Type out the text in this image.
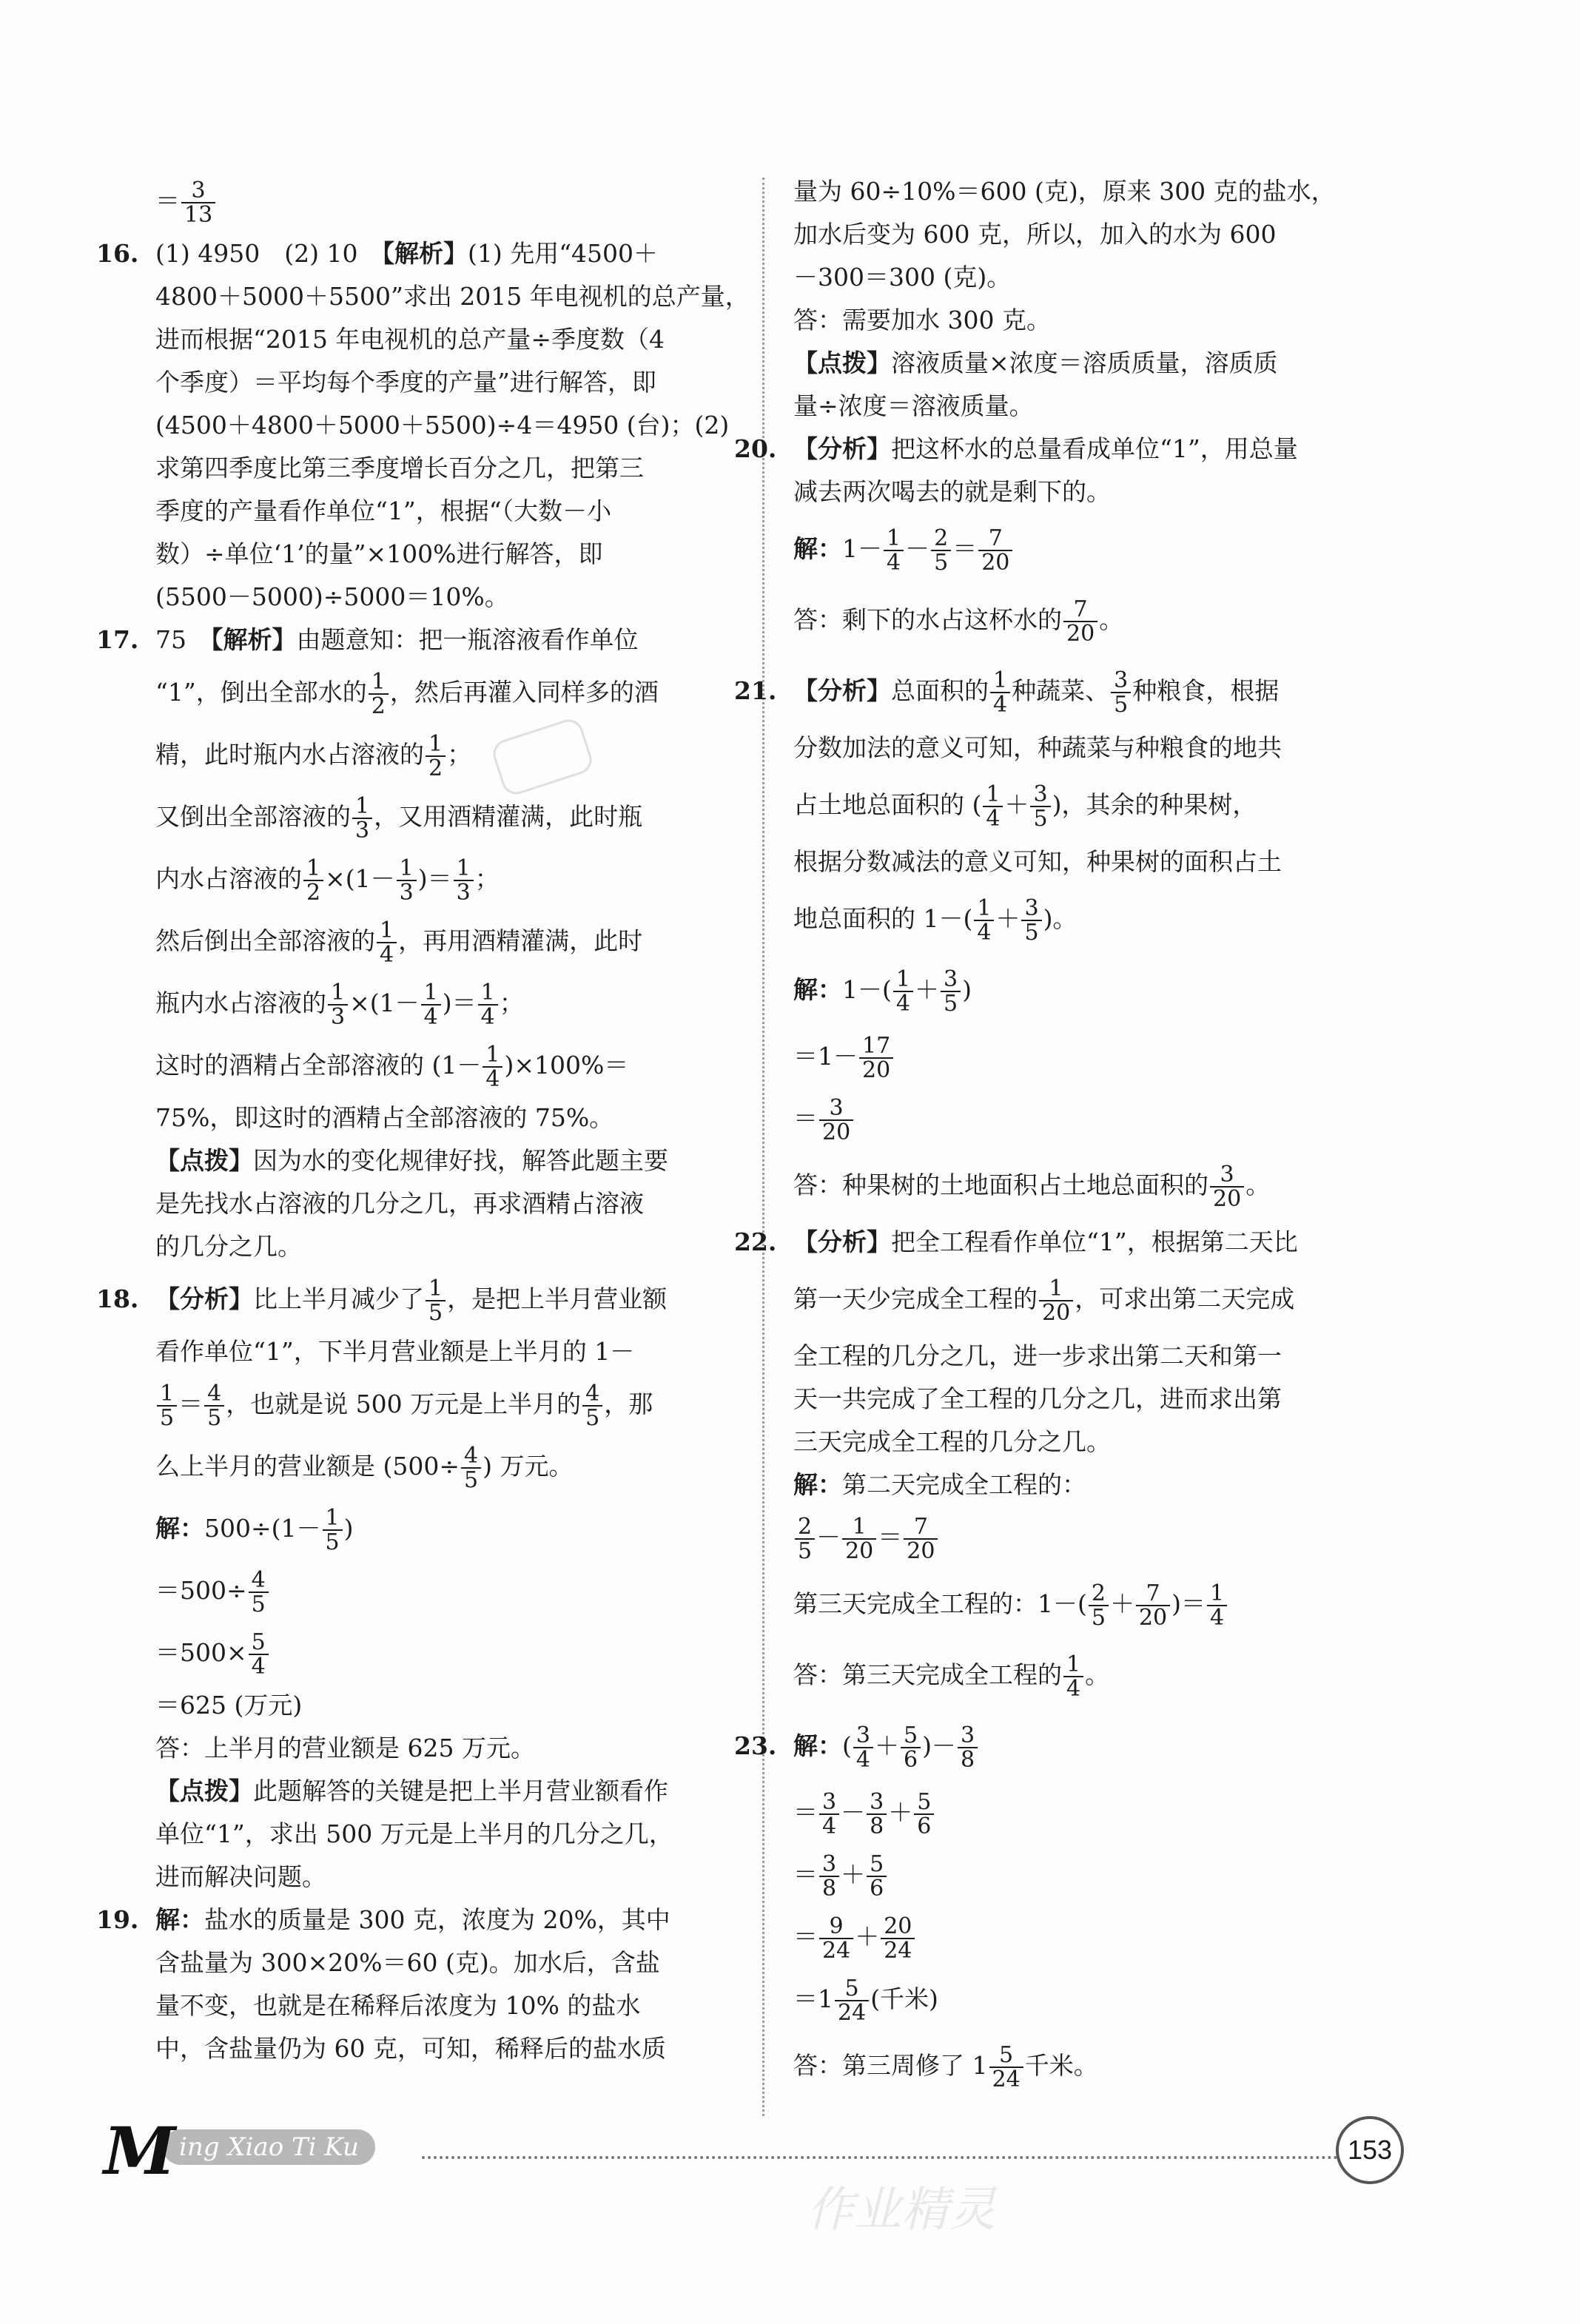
＝ $\frac{3}{13}$
16. (1) 4950　(2) 10　【解析】(1) 先用“4500＋
4800＋5000＋5500”求出 2015 年电视机的总产量，
进而根据“2015 年电视机的总产量÷季度数（4
个季度）＝平均每个季度的产量”进行解答，即
(4500＋4800＋5000＋5500)÷4＝4950 (台)；(2)
求第四季度比第三季度增长百分之几，把第三
季度的产量看作单位“1”，根据“（大数－小
数）÷单位‘1’的量”×100%进行解答，即
(5500－5000)÷5000＝10%。
17. 75　【解析】由题意知：把一瓶溶液看作单位
“1”，倒出全部水的 $\frac{1}{2}$ ，然后再灌入同样多的酒
精，此时瓶内水占溶液的 $\frac{1}{2}$ ；
又倒出全部溶液的 $\frac{1}{3}$ ，又用酒精灌满，此时瓶
内水占溶液的 $\frac{1}{2} \times(1- \frac{1}{3}$ )＝ $\frac{1}{3}$ ；
然后倒出全部溶液的 $\frac{1}{4}$ ，再用酒精灌满，此时
瓶内水占溶液的 $\frac{1}{3} \times(1- \frac{1}{4}$ )＝ $\frac{1}{4}$ ；
这时的酒精占全部溶液的 $(1- \frac{1}{4} )\times 100\%=$
75%，即这时的酒精占全部溶液的 75%。
【点拨】因为水的变化规律好找，解答此题主要
是先找水占溶液的几分之几，再求酒精占溶液
的几分之几。
18. 【分析】比上半月减少了 $\frac{1}{5}$ ，是把上半月营业额
看作单位“1”，下半月营业额是上半月的 1－
$\frac{1}{5} = \frac{4}{5}$ ，也就是说 500 万元是上半月的 $\frac{4}{5}$ ，那
么上半月的营业额是 ($500\div \frac{4}{5}$ ) 万元。
解：$500\div(1- \frac{1}{5}$ )
$=500\div \frac{4}{5}$
$=500\times \frac{5}{4}$
＝625 (万元)
答：上半月的营业额是 625 万元。
【点拨】此题解答的关键是把上半月营业额看作
单位“1”，求出 500 万元是上半月的几分之几，
进而解决问题。
19. 解：盐水的质量是 300 克，浓度为 20%，其中
含盐量为 300×20%＝60 (克)。加水后，含盐
量不变，也就是在稀释后浓度为 10% 的盐水
中，含盐量仍为 60 克，可知，稀释后的盐水质
量为 60÷10%＝600 (克)，原来 300 克的盐水，
加水后变为 600 克，所以，加入的水为 600
－300＝300 (克)。
答：需要加水 300 克。
【点拨】溶液质量×浓度＝溶质质量，溶质质
量÷浓度＝溶液质量。
20. 【分析】把这杯水的总量看成单位“1”，用总量
减去两次喝去的就是剩下的。
解：$1- \frac{1}{4} - \frac{2}{5} = \frac{7}{20}$
答：剩下的水占这杯水的 $\frac{7}{20}$ 。
21. 【分析】总面积的 $\frac{1}{4}$ 种蔬菜、 $\frac{3}{5}$ 种粮食，根据
分数加法的意义可知，种蔬菜与种粮食的地共
占土地总面积的 ( $\frac{1}{4} + \frac{3}{5}$ )，其余的种果树，
根据分数减法的意义可知，种果树的面积占土
地总面积的 $1-( \frac{1}{4} + \frac{3}{5}$ )。
解：$1-( \frac{1}{4} + \frac{3}{5}$ )
$=1- \frac{17}{20}$
＝ $\frac{3}{20}$
答：种果树的土地面积占土地总面积的 $\frac{3}{20}$ 。
22. 【分析】把全工程看作单位“1”，根据第二天比
第一天少完成全工程的 $\frac{1}{20}$ ，可求出第二天完成
全工程的几分之几，进一步求出第二天和第一
天一共完成了全工程的几分之几，进而求出第
三天完成全工程的几分之几。
解：第二天完成全工程的：
$\frac{2}{5} - \frac{1}{20} = \frac{7}{20}$
第三天完成全工程的：$1-( \frac{2}{5} + \frac{7}{20}$ )＝ $\frac{1}{4}$
答：第三天完成全工程的 $\frac{1}{4}$ 。
23. 解：( $\frac{3}{4} + \frac{5}{6}$ )－ $\frac{3}{8}$
＝ $\frac{3}{4} - \frac{3}{8} + \frac{5}{6}$
＝ $\frac{3}{8} + \frac{5}{6}$
＝ $\frac{9}{24} + \frac{20}{24}$
$=1 \frac{5}{24}$ (千米)
答：第三周修了 $1 \frac{5}{24}$ 千米。
ing Xiao Ti Ku
M	153
作业精灵
